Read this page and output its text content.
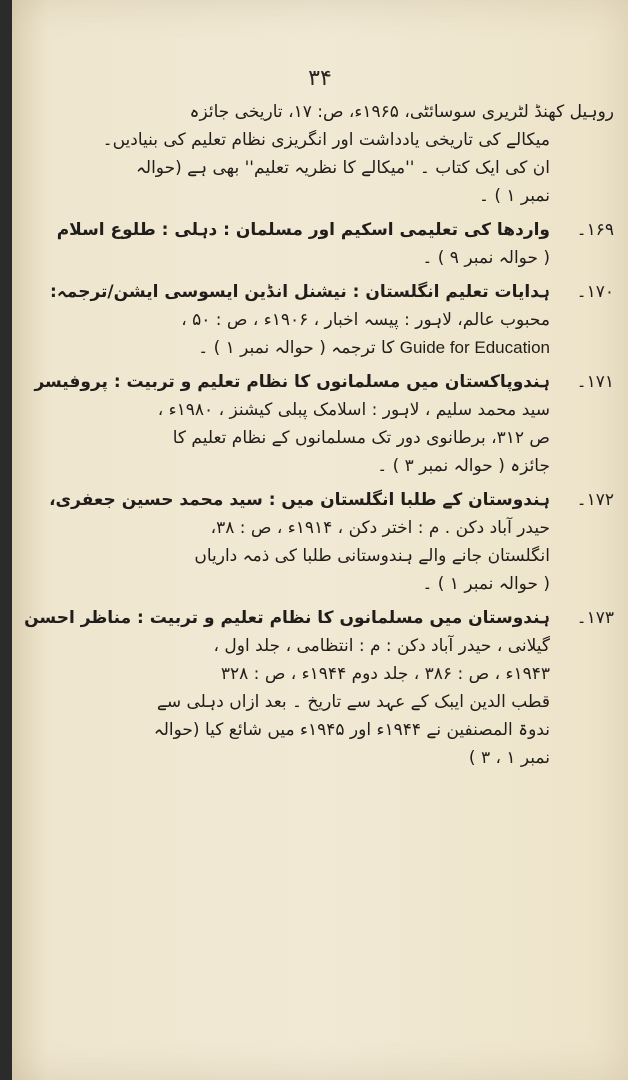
۳۴
روہیل کھنڈ لٹریری سوسائٹی، ۱۹۶۵ء، ص: ۱۷، تاریخی جائزہ
میکالے کی تاریخی یادداشت اور انگریزی نظام تعلیم کی بنیادیں۔
ان کی ایک کتاب ۔ ''میکالے کا نظریہ تعلیم'' بھی ہے (حوالہ
نمبر ۱ ) ۔
۱۶۹۔
واردھا کی تعلیمی اسکیم اور مسلمان : دہلی : طلوع اسلام
( حوالہ نمبر ۹ ) ۔
۱۷۰۔
ہدایات تعلیم انگلستان : نیشنل انڈین ایسوسی ایشن/ترجمہ:
محبوب عالم، لاہور : پیسہ اخبار ، ۱۹۰۶ء ، ص : ۵۰ ،
Guide for Education کا ترجمہ ( حوالہ نمبر ۱ ) ۔
۱۷۱۔
ہندوپاکستان میں مسلمانوں کا نظام تعلیم و تربیت : پروفیسر
سید محمد سلیم ، لاہور : اسلامک پبلی کیشنز ، ۱۹۸۰ء ،
ص ۳۱۲، برطانوی دور تک مسلمانوں کے نظام تعلیم کا
جائزہ ( حوالہ نمبر ۳ ) ۔
۱۷۲۔
ہندوستان کے طلبا انگلستان میں : سید محمد حسین جعفری،
حیدر آباد دکن . م : اختر دکن ، ۱۹۱۴ء ، ص : ۳۸،
انگلستان جانے والے ہندوستانی طلبا کی ذمہ داریاں
( حوالہ نمبر ۱ ) ۔
۱۷۳۔
ہندوستان میں مسلمانوں کا نظام تعلیم و تربیت : مناظر احسن
گیلانی ، حیدر آباد دکن : م : انتظامی ، جلد اول ،
۱۹۴۳ء ، ص : ۳۸۶ ، جلد دوم ۱۹۴۴ء ، ص : ۳۲۸
قطب الدین ایبک کے عہد سے تاریخ ۔ بعد ازاں دہلی سے
ندوۃ المصنفین نے ۱۹۴۴ء اور ۱۹۴۵ء میں شائع کیا (حوالہ
نمبر ۱ ، ۳ )
